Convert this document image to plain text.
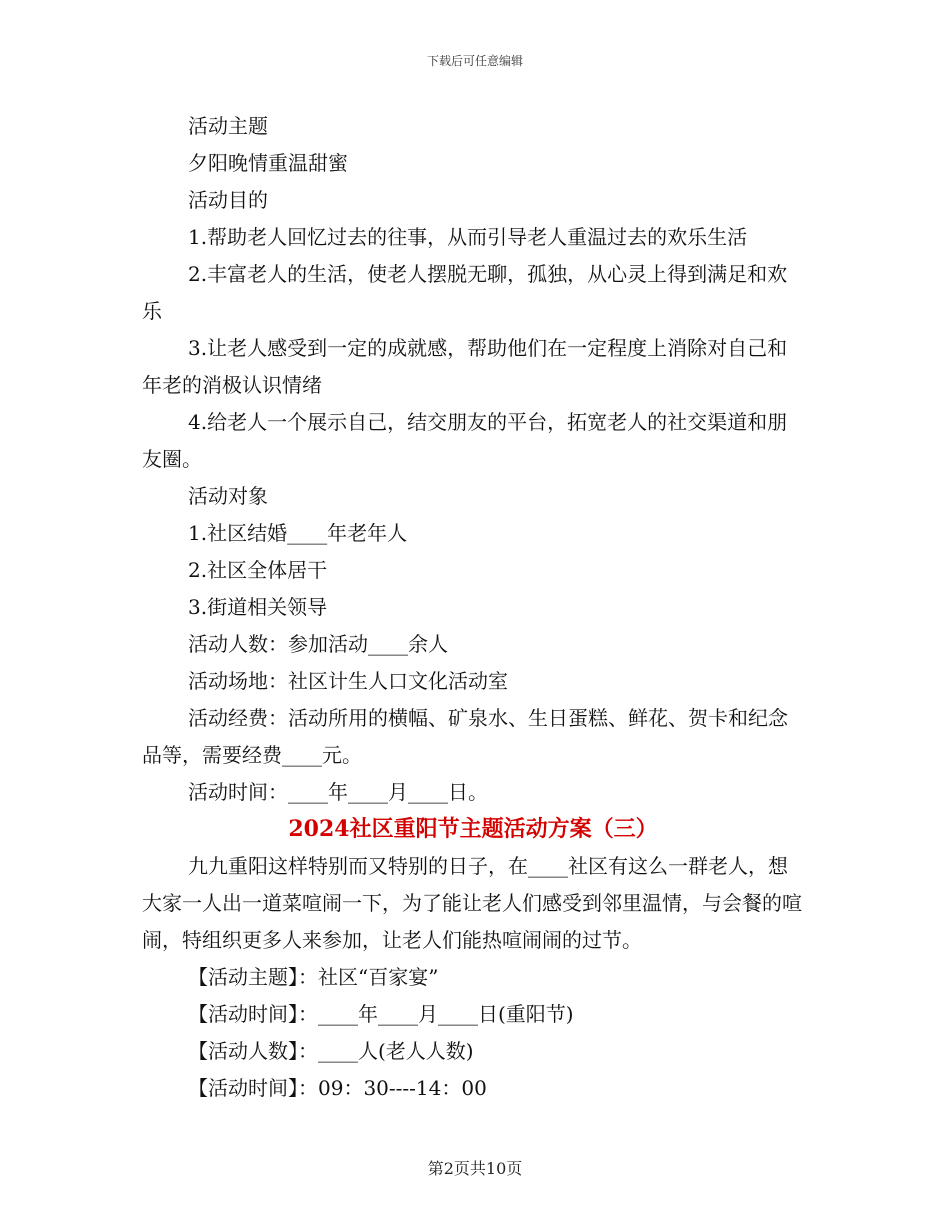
下载后可任意编辑

活动主题

夕阳晚情重温甜蜜

活动目的

1.帮助老人回忆过去的往事，从而引导老人重温过去的欢乐生活

2.丰富老人的生活，使老人摆脱无聊，孤独，从心灵上得到满足和欢乐

3.让老人感受到一定的成就感，帮助他们在一定程度上消除对自己和年老的消极认识情绪

4.给老人一个展示自己，结交朋友的平台，拓宽老人的社交渠道和朋友圈。

活动对象

1.社区结婚____年老年人

2.社区全体居干

3.街道相关领导

活动人数：参加活动____余人

活动场地：社区计生人口文化活动室

活动经费：活动所用的横幅、矿泉水、生日蛋糕、鲜花、贺卡和纪念品等，需要经费____元。

活动时间：____年____月____日。

2024社区重阳节主题活动方案（三）

九九重阳这样特别而又特别的日子，在____社区有这么一群老人，想大家一人出一道菜喧闹一下，为了能让老人们感受到邻里温情，与会餐的喧闹，特组织更多人来参加，让老人们能热喧闹闹的过节。

【活动主题】：社区“百家宴”

【活动时间】：____年____月____日(重阳节)

【活动人数】：____人(老人人数)

【活动时间】：09：30----14：00

第2页共10页
